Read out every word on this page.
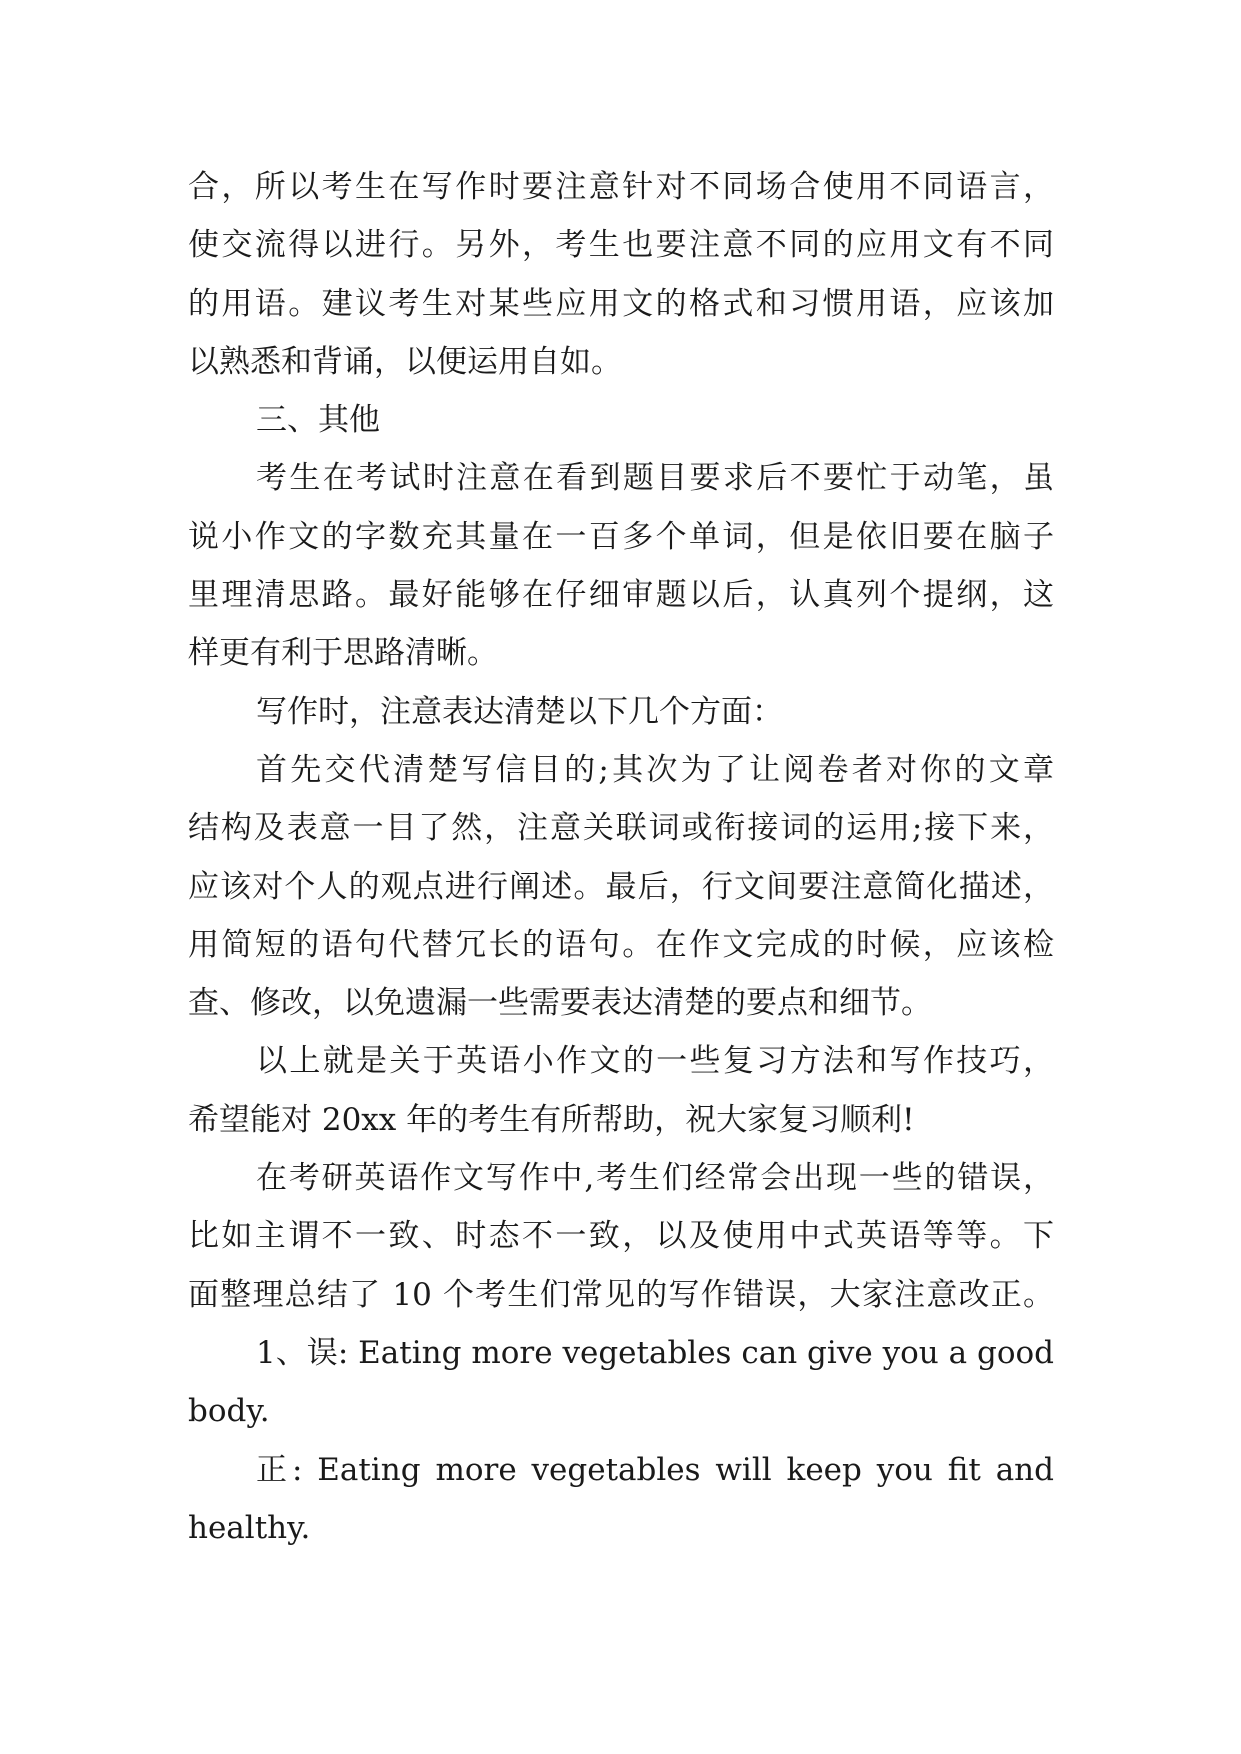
合，所以考生在写作时要注意针对不同场合使用不同语言，
使交流得以进行。另外，考生也要注意不同的应用文有不同
的用语。建议考生对某些应用文的格式和习惯用语，应该加
以熟悉和背诵，以便运用自如。
三、其他
考生在考试时注意在看到题目要求后不要忙于动笔，虽
说小作文的字数充其量在一百多个单词，但是依旧要在脑子
里理清思路。最好能够在仔细审题以后，认真列个提纲，这
样更有利于思路清晰。
写作时，注意表达清楚以下几个方面：
首先交代清楚写信目的;其次为了让阅卷者对你的文章
结构及表意一目了然，注意关联词或衔接词的运用;接下来，
应该对个人的观点进行阐述。最后，行文间要注意简化描述，
用简短的语句代替冗长的语句。在作文完成的时候，应该检
查、修改，以免遗漏一些需要表达清楚的要点和细节。
以上就是关于英语小作文的一些复习方法和写作技巧，
希望能对 20xx 年的考生有所帮助，祝大家复习顺利!
在考研英语作文写作中,考生们经常会出现一些的错误，
比如主谓不一致、时态不一致，以及使用中式英语等等。下
面整理总结了 10 个考生们常见的写作错误，大家注意改正。
1、误: Eating more vegetables can give you a good
body.
正: Eating more vegetables will keep you fit and
healthy.
